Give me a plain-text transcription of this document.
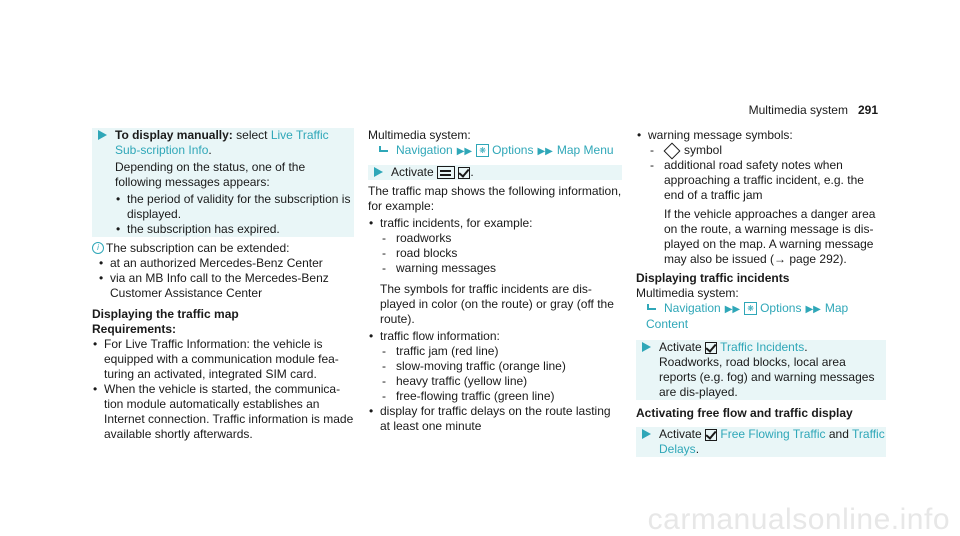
Multimedia system 291
To display manually: select Live Traffic Sub-scription Info.
Depending on the status, one of the following messages appears:
• the period of validity for the subscription is displayed.
• the subscription has expired.
i The subscription can be extended:
• at an authorized Mercedes-Benz Center
• via an MB Info call to the Mercedes-Benz Customer Assistance Center
Displaying the traffic map
Requirements:
• For Live Traffic Information: the vehicle is equipped with a communication module fea-turing an activated, integrated SIM card.
• When the vehicle is started, the communica-tion module automatically establishes an Internet connection. Traffic information is made available shortly afterwards.
Multimedia system:
Navigation ▶▶ ❋ Options ▶▶ Map Menu
Activate	.
The traffic map shows the following information, for example:
• traffic incidents, for example:
- roadworks
- road blocks
- warning messages
The symbols for traffic incidents are dis-played in color (on the route) or gray (off the route).
• traffic flow information:
- traffic jam (red line)
- slow-moving traffic (orange line)
- heavy traffic (yellow line)
- free-flowing traffic (green line)
• display for traffic delays on the route lasting at least one minute
• warning message symbols:
- symbol
- additional road safety notes when approaching a traffic incident, e.g. the end of a traffic jam
If the vehicle approaches a danger area on the route, a warning message is dis-played on the map. A warning message may also be issued (→ page 292).
Displaying traffic incidents
Multimedia system:
Navigation ▶▶ ❋ Options ▶▶ Map Content
Activate Traffic Incidents.
Roadworks, road blocks, local area reports (e.g. fog) and warning messages are dis-played.
Activating free flow and traffic display
Activate Free Flowing Traffic and Traffic Delays.
carmanualsonline.info
